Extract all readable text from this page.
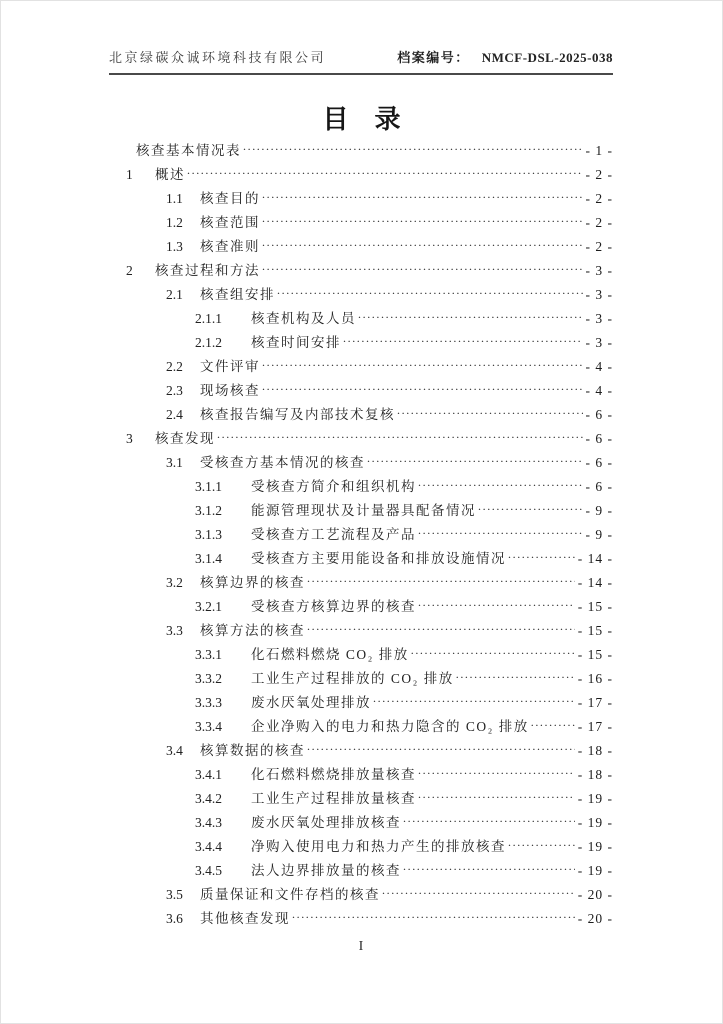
北京绿碳众诚环境科技有限公司	档案编号： NMCF-DSL-2025-038
目　录
核查基本情况表 .....	- 1 -
1	概述 .....	- 2 -
1.1	核查目的 .....	- 2 -
1.2	核查范围 .....	- 2 -
1.3	核查准则 .....	- 2 -
2	核查过程和方法 .....	- 3 -
2.1	核查组安排 .....	- 3 -
2.1.1	核查机构及人员 .....	- 3 -
2.1.2	核查时间安排 .....	- 3 -
2.2	文件评审 .....	- 4 -
2.3	现场核查 .....	- 4 -
2.4	核查报告编写及内部技术复核 .....	- 6 -
3	核查发现 .....	- 6 -
3.1	受核查方基本情况的核查 .....	- 6 -
3.1.1	受核查方简介和组织机构 .....	- 6 -
3.1.2	能源管理现状及计量器具配备情况 .....	- 9 -
3.1.3	受核查方工艺流程及产品 .....	- 9 -
3.1.4	受核查方主要用能设备和排放设施情况 .....	- 14 -
3.2	核算边界的核查 .....	- 14 -
3.2.1	受核查方核算边界的核查 .....	- 15 -
3.3	核算方法的核查 .....	- 15 -
3.3.1	化石燃料燃烧 CO₂ 排放 .....	- 15 -
3.3.2	工业生产过程排放的 CO₂ 排放 .....	- 16 -
3.3.3	废水厌氧处理排放 .....	- 17 -
3.3.4	企业净购入的电力和热力隐含的 CO₂ 排放 .....	- 17 -
3.4	核算数据的核查 .....	- 18 -
3.4.1	化石燃料燃烧排放量核查 .....	- 18 -
3.4.2	工业生产过程排放量核查 .....	- 19 -
3.4.3	废水厌氧处理排放核查 .....	- 19 -
3.4.4	净购入使用电力和热力产生的排放核查 .....	- 19 -
3.4.5	法人边界排放量的核查 .....	- 19 -
3.5	质量保证和文件存档的核查 .....	- 20 -
3.6	其他核查发现 .....	- 20 -
I
